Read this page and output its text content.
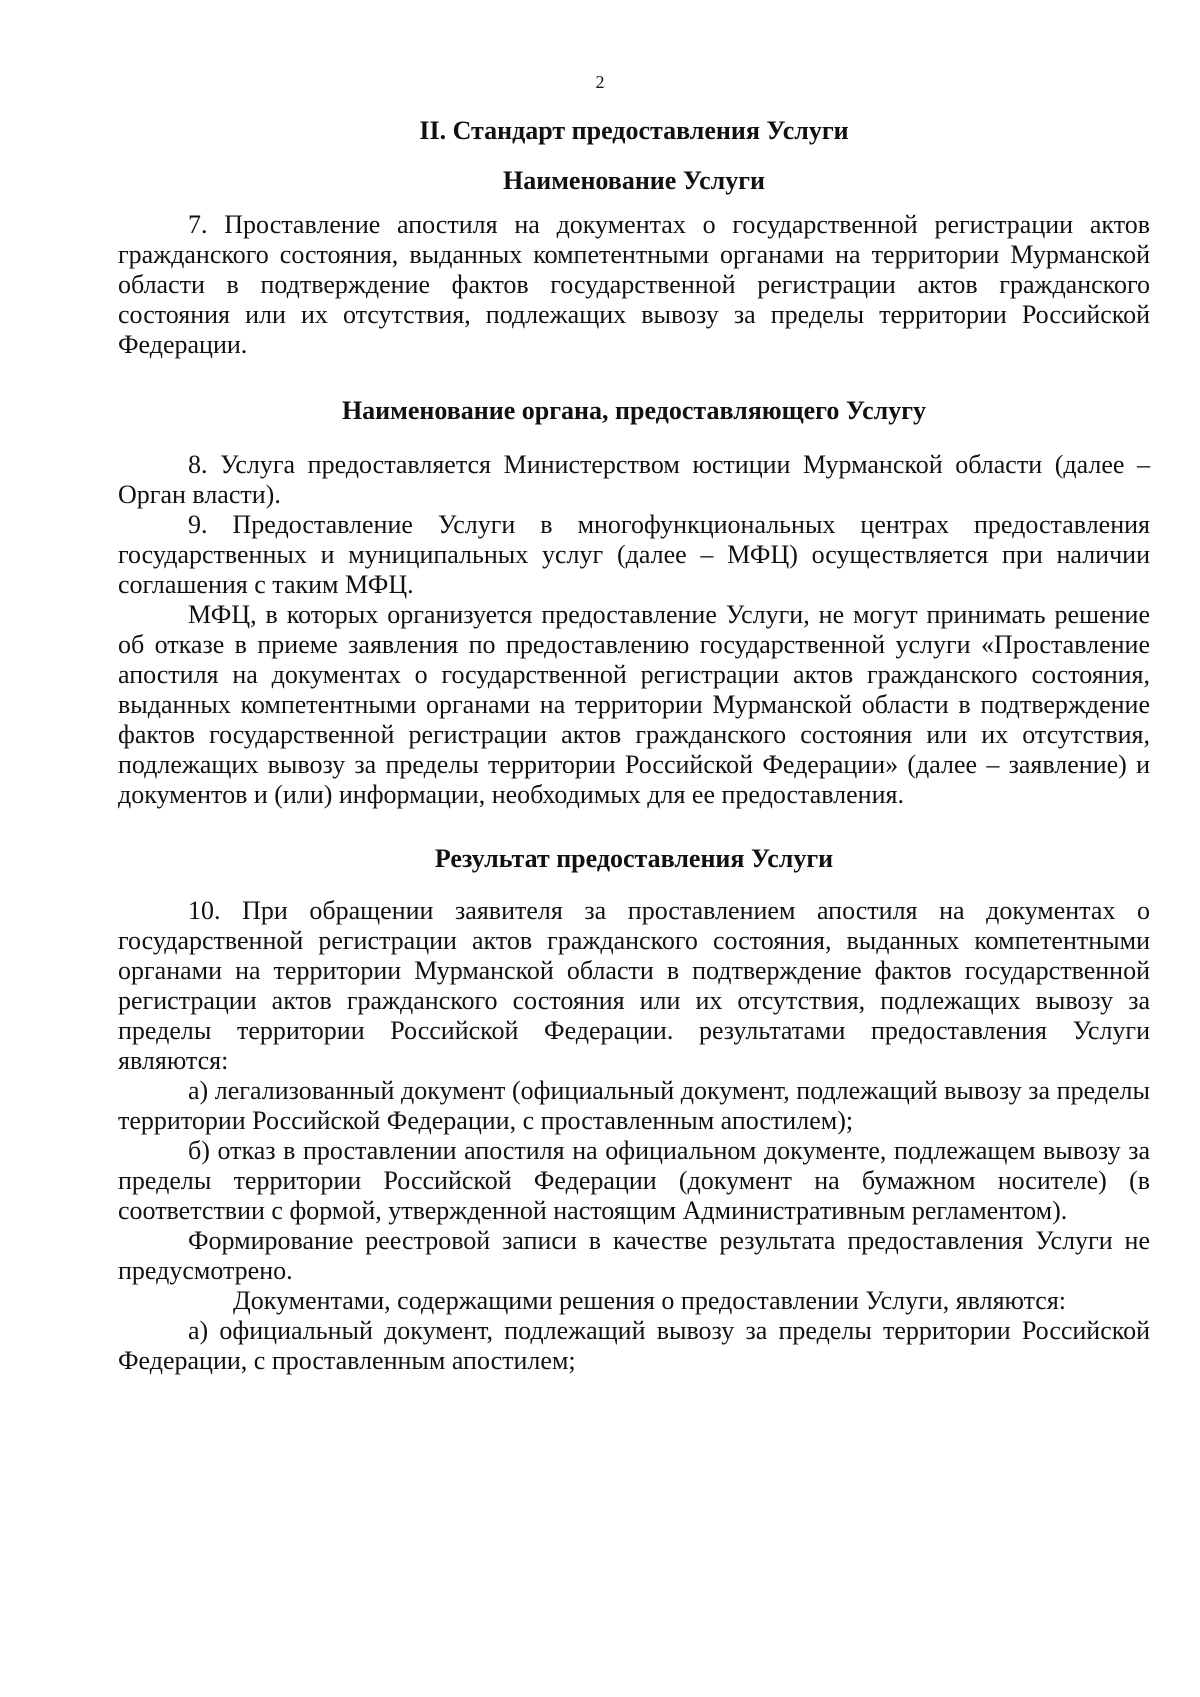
2
II. Стандарт предоставления Услуги
Наименование Услуги

7. Проставление апостиля на документах о государственной регистрации актов гражданского состояния, выданных компетентными органами на территории Мурманской области в подтверждение фактов государственной регистрации актов гражданского состояния или их отсутствия, подлежащих вывозу за пределы территории Российской Федерации.

Наименование органа, предоставляющего Услугу

8. Услуга предоставляется Министерством юстиции Мурманской области (далее – Орган власти).

9. Предоставление Услуги в многофункциональных центрах предоставления государственных и муниципальных услуг (далее – МФЦ) осуществляется при наличии соглашения с таким МФЦ.

МФЦ, в которых организуется предоставление Услуги, не могут принимать решение об отказе в приеме заявления по предоставлению государственной услуги «Проставление апостиля на документах о государственной регистрации актов гражданского состояния, выданных компетентными органами на территории Мурманской области в подтверждение фактов государственной регистрации актов гражданского состояния или их отсутствия, подлежащих вывозу за пределы территории Российской Федерации» (далее – заявление) и документов и (или) информации, необходимых для ее предоставления.

Результат предоставления Услуги

10. При обращении заявителя за проставлением апостиля на документах о государственной регистрации актов гражданского состояния, выданных компетентными органами на территории Мурманской области в подтверждение фактов государственной регистрации актов гражданского состояния или их отсутствия, подлежащих вывозу за пределы территории Российской Федерации. результатами предоставления Услуги являются:

а) легализованный документ (официальный документ, подлежащий вывозу за пределы территории Российской Федерации, с проставленным апостилем);

б) отказ в проставлении апостиля на официальном документе, подлежащем вывозу за пределы территории Российской Федерации (документ на бумажном носителе) (в соответствии с формой, утвержденной настоящим Административным регламентом).

Формирование реестровой записи в качестве результата предоставления Услуги не предусмотрено.

Документами, содержащими решения о предоставлении Услуги, являются:

а) официальный документ, подлежащий вывозу за пределы территории Российской Федерации, с проставленным апостилем;
